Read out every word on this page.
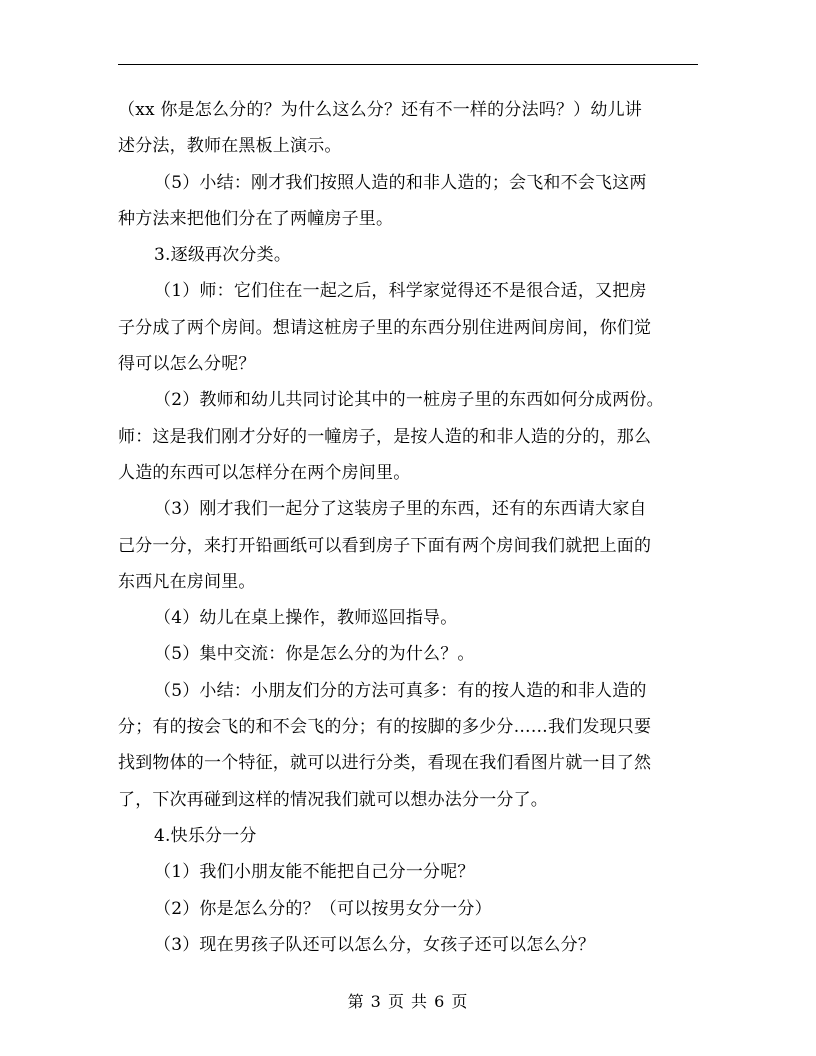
（xx 你是怎么分的？为什么这么分？还有不一样的分法吗？）幼儿讲
述分法，教师在黑板上演示。

（5）小结：刚才我们按照人造的和非人造的；会飞和不会飞这两
种方法来把他们分在了两幢房子里。

3.逐级再次分类。

（1）师：它们住在一起之后，科学家觉得还不是很合适，又把房
子分成了两个房间。想请这桩房子里的东西分别住进两间房间，你们觉
得可以怎么分呢？

（2）教师和幼儿共同讨论其中的一桩房子里的东西如何分成两份。
师：这是我们刚才分好的一幢房子，是按人造的和非人造的分的，那么
人造的东西可以怎样分在两个房间里。

（3）刚才我们一起分了这装房子里的东西，还有的东西请大家自
己分一分，来打开铅画纸可以看到房子下面有两个房间我们就把上面的
东西凡在房间里。

（4）幼儿在桌上操作，教师巡回指导。

（5）集中交流：你是怎么分的为什么？。

（5）小结：小朋友们分的方法可真多：有的按人造的和非人造的
分；有的按会飞的和不会飞的分；有的按脚的多少分……我们发现只要
找到物体的一个特征，就可以进行分类，看现在我们看图片就一目了然
了，下次再碰到这样的情况我们就可以想办法分一分了。

4.快乐分一分

（1）我们小朋友能不能把自己分一分呢？

（2）你是怎么分的？（可以按男女分一分）

（3）现在男孩子队还可以怎么分，女孩子还可以怎么分？

第 3 页 共 6 页
